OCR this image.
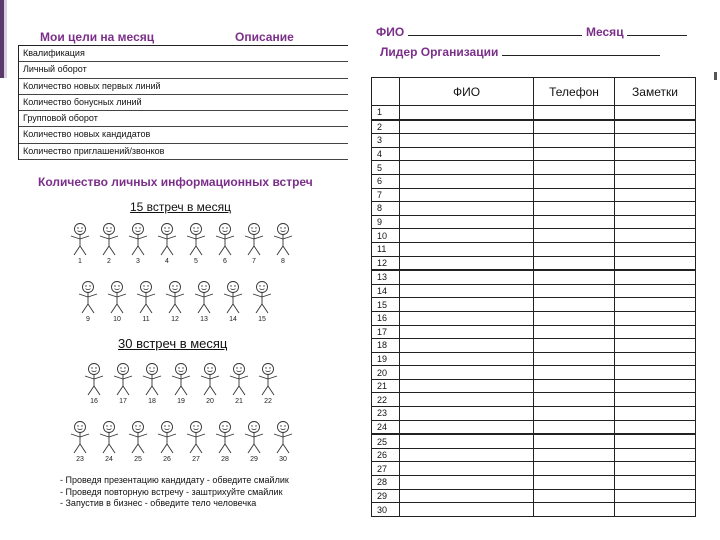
Мои цели на месяц	Описание
Квалификация
Личный оборот
Количество новых первых линий
Количество бонусных линий
Групповой оборот
Количество новых кандидатов
Количество приглашений/звонков
Количество личных информационных встреч
15 встреч в месяц
30 встреч в месяц
1	2	3	4	5	6	7	8
9	10	11	12	13	14	15
16	17	18	19	20	21	22
23	24	25	26	27	28	29	30
- Проведя презентацию кандидату - обведите смайлик
- Проведя повторную встречу - заштрихуйте смайлик
- Запустив в бизнес - обведите тело человечка
ФИО	Месяц
Лидер Организации
	ФИО	Телефон	Заметки
1			
2			
3			
4			
5			
6			
7			
8			
9			
10			
11			
12			
13			
14			
15			
16			
17			
18			
19			
20			
21			
22			
23			
24			
25			
26			
27			
28			
29			
30			
